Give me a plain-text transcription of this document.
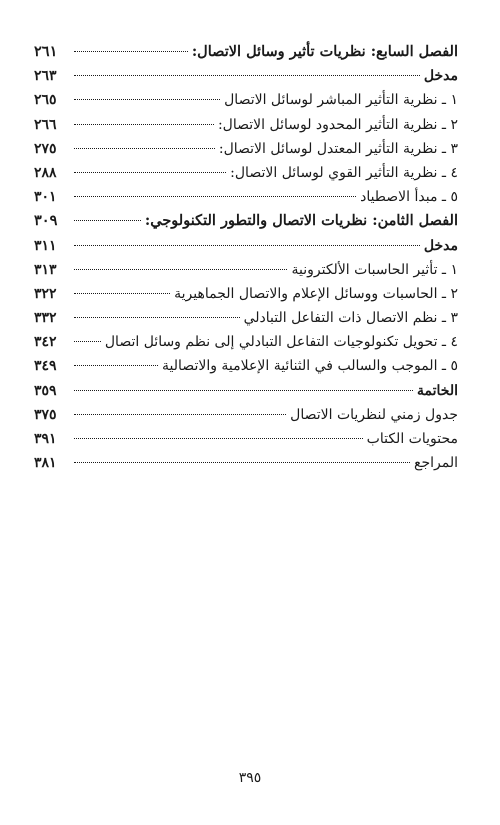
الفصل السابع: نظريات تأثير وسائل الاتصال:
٢٦١
مدخل
٢٦٣
١ ـ نظرية التأثير المباشر لوسائل الاتصال
٢٦٥
٢ ـ نظرية التأثير المحدود لوسائل الاتصال:
٢٦٦
٣ ـ نظرية التأثير المعتدل لوسائل الاتصال:
٢٧٥
٤ ـ نظرية التأثير القوي لوسائل الاتصال:
٢٨٨
٥ ـ مبدأ الاصطياد
٣٠١
الفصل الثامن: نظريات الاتصال والتطور التكنولوجي:
٣٠٩
مدخل
٣١١
١ ـ تأثير الحاسبات الألكترونية
٣١٣
٢ ـ الحاسبات ووسائل الإعلام والاتصال الجماهيرية
٣٢٢
٣ ـ نظم الاتصال ذات التفاعل التبادلي
٣٣٢
٤ ـ تحويل تكنولوجيات التفاعل التبادلي إلى نظم وسائل اتصال
٣٤٢
٥ ـ الموجب والسالب في الثنائية الإعلامية والاتصالية
٣٤٩
الخاتمة
٣٥٩
جدول زمني لنظريات الاتصال
٣٧٥
محتويات الكتاب
٣٩١
المراجع
٣٨١
٣٩٥
